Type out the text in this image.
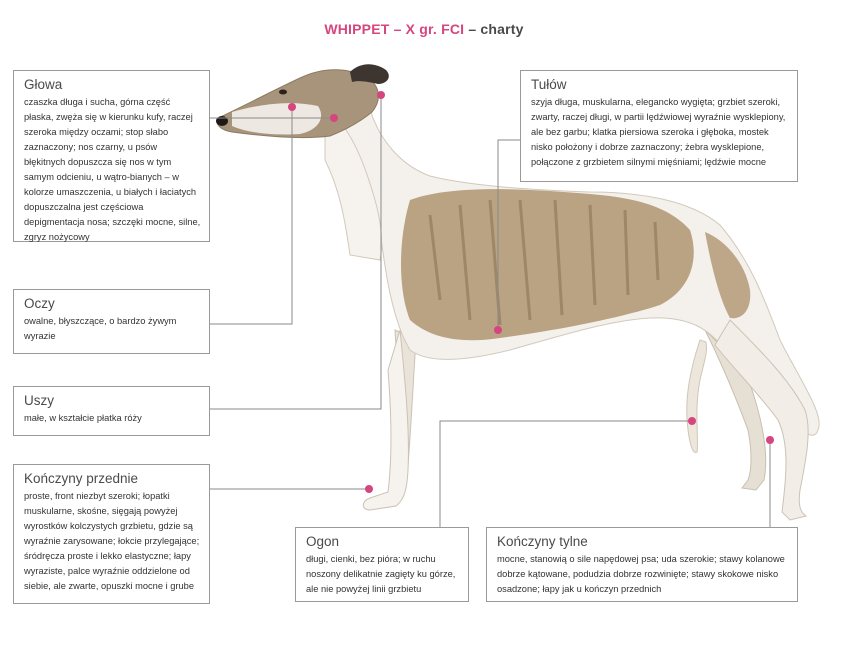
WHIPPET – X gr. FCI – charty
Głowa

czaszka długa i sucha, górna część płaska, zwęża się w kierunku kufy, raczej szeroka między oczami; stop słabo zaznaczony; nos czarny, u psów błękitnych dopuszcza się nos w tym samym odcieniu, u wątro-bianych – w kolorze umaszczenia, u białych i łaciatych dopuszczalna jest częściowa depigmentacja nosa; szczęki mocne, silne, zgryz nożycowy

Oczy

owalne, błyszczące, o bardzo żywym wyrazie

Uszy

małe, w kształcie płatka róży

Kończyny przednie

proste, front niezbyt szeroki; łopatki muskularne, skośne, sięgają powyżej wyrostków kolczystych grzbietu, gdzie są wyraźnie zarysowane; łokcie przylegające; śródręcza proste i lekko elastyczne; łapy wyraziste, palce wyraźnie oddzielone od siebie, ale zwarte, opuszki mocne i grube

Tułów

szyja długa, muskularna, elegancko wygięta; grzbiet szeroki, zwarty, raczej długi, w partii lędźwiowej wyraźnie wysklepiony, ale bez garbu; klatka piersiowa szeroka i głęboka, mostek nisko położony i dobrze zaznaczony; żebra wysklepione, połączone z grzbietem silnymi mięśniami; lędźwie mocne

Ogon

długi, cienki, bez pióra; w ruchu noszony delikatnie zagięty ku górze, ale nie powyżej linii grzbietu

Kończyny tylne

mocne, stanowią o sile napędowej psa; uda szerokie; stawy kolanowe dobrze kątowane, podudzia dobrze rozwinięte; stawy skokowe nisko osadzone; łapy jak u kończyn przednich
